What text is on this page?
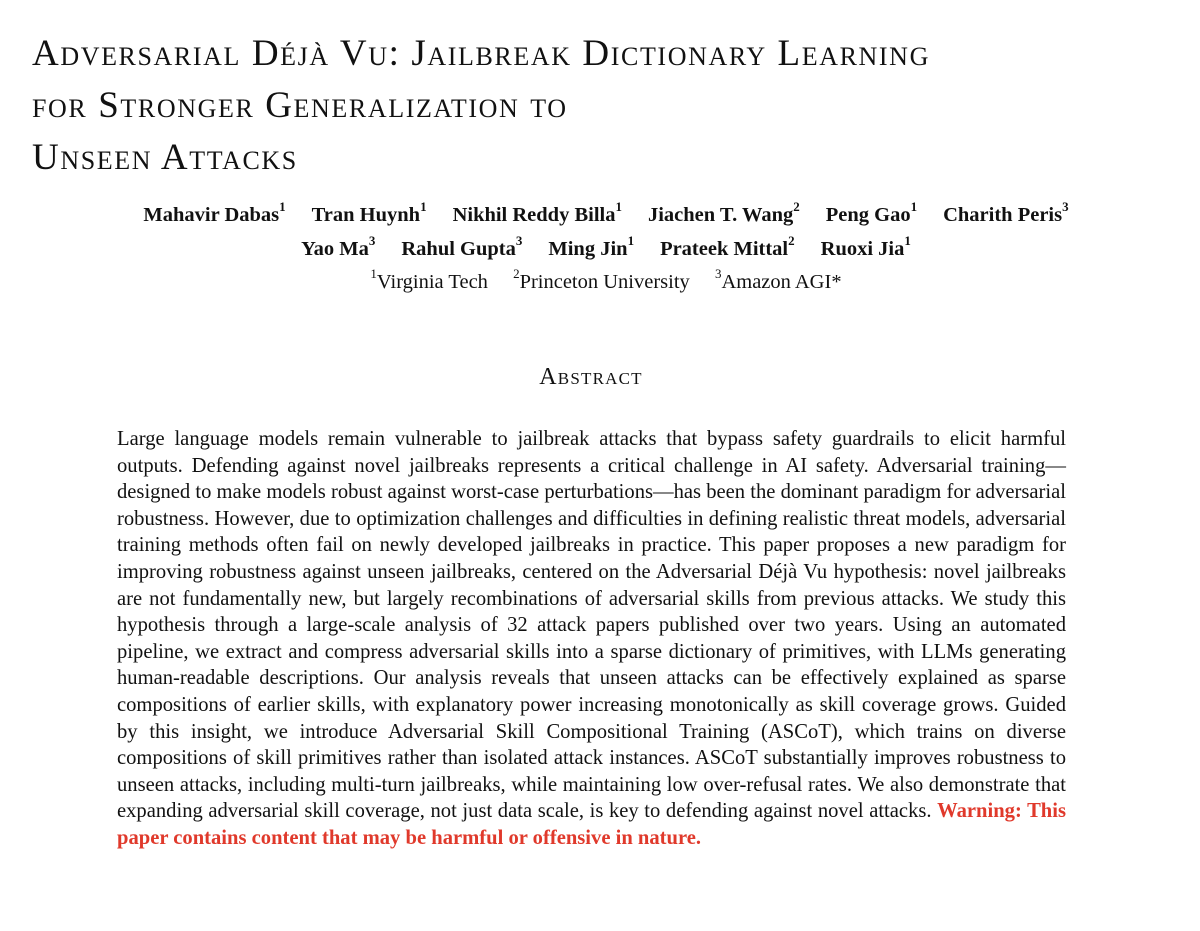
Adversarial Déjà Vu: Jailbreak Dictionary Learning
for Stronger Generalization to
Unseen Attacks
Mahavir Dabas$^1$ Tran Huynh$^1$ Nikhil Reddy Billa$^1$ Jiachen T. Wang$^2$ Peng Gao$^1$ Charith Peris$^3$
Yao Ma$^3$ Rahul Gupta$^3$ Ming Jin$^1$ Prateek Mittal$^2$ Ruoxi Jia$^1$
$^1$Virginia Tech $^2$Princeton University $^3$Amazon AGI*
Abstract

Large language models remain vulnerable to jailbreak attacks that bypass safety guardrails to elicit harmful outputs. Defending against novel jailbreaks represents a critical challenge in AI safety. Adversarial training—designed to make models robust against worst-case perturbations—has been the dominant paradigm for adversarial robustness. However, due to optimization challenges and difficulties in defining realistic threat models, adversarial training methods often fail on newly developed jailbreaks in practice. This paper proposes a new paradigm for improving robustness against unseen jailbreaks, centered on the Adversarial Déjà Vu hypothesis: novel jailbreaks are not fundamentally new, but largely recombinations of adversarial skills from previous attacks. We study this hypothesis through a large-scale analysis of 32 attack papers published over two years. Using an automated pipeline, we extract and compress adversarial skills into a sparse dictionary of primitives, with LLMs generating human-readable descriptions. Our analysis reveals that unseen attacks can be effectively explained as sparse compositions of earlier skills, with explanatory power increasing monotonically as skill coverage grows. Guided by this insight, we introduce Adversarial Skill Compositional Training (ASCoT), which trains on diverse compositions of skill primitives rather than isolated attack instances. ASCoT substantially improves robustness to unseen attacks, including multi-turn jailbreaks, while maintaining low over-refusal rates. We also demonstrate that expanding adversarial skill coverage, not just data scale, is key to defending against novel attacks. Warning: This paper contains content that may be harmful or offensive in nature.
